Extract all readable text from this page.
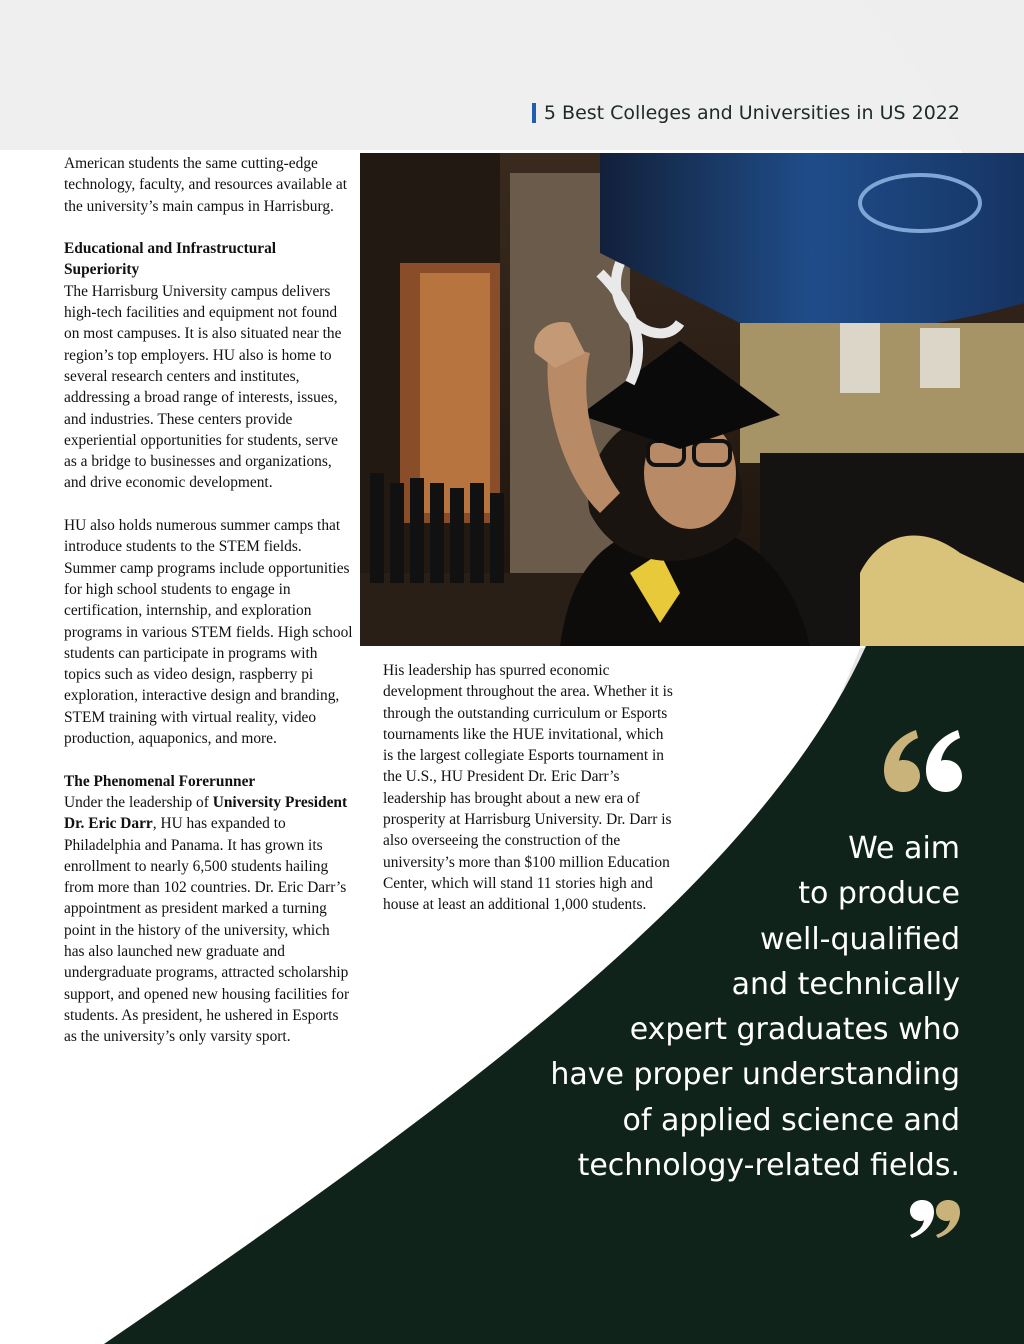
5 Best Colleges and Universities in US 2022

American students the same cutting-edge technology, faculty, and resources available at the university’s main campus in Harrisburg.

Educational and Infrastructural Superiority

The Harrisburg University campus delivers high-tech facilities and equipment not found on most campuses. It is also situated near the region’s top employers. HU also is home to several research centers and institutes, addressing a broad range of interests, issues, and industries. These centers provide experiential opportunities for students, serve as a bridge to businesses and organizations, and drive economic development.

HU also holds numerous summer camps that introduce students to the STEM fields. Summer camp programs include opportunities for high school students to engage in certification, internship, and exploration programs in various STEM fields. High school students can participate in programs with topics such as video design, raspberry pi exploration, interactive design and branding, STEM training with virtual reality, video production, aquaponics, and more.

The Phenomenal Forerunner

Under the leadership of University President Dr. Eric Darr, HU has expanded to Philadelphia and Panama. It has grown its enrollment to nearly 6,500 students hailing from more than 102 countries. Dr. Eric Darr’s appointment as president marked a turning point in the history of the university, which has also launched new graduate and undergraduate programs, attracted scholarship support, and opened new housing facilities for students. As president, he ushered in Esports as the university’s only varsity sport.

His leadership has spurred economic development throughout the area. Whether it is through the outstanding curriculum or Esports tournaments like the HUE invitational, which is the largest collegiate Esports tournament in the U.S., HU President Dr. Eric Darr’s leadership has brought about a new era of prosperity at Harrisburg University. Dr. Darr is also overseeing the construction of the university’s more than $100 million Education Center, which will stand 11 stories high and house at least an additional 1,000 students.

We aim
to produce
well-qualified
and technically
expert graduates who
have proper understanding
of applied science and
technology-related fields.
